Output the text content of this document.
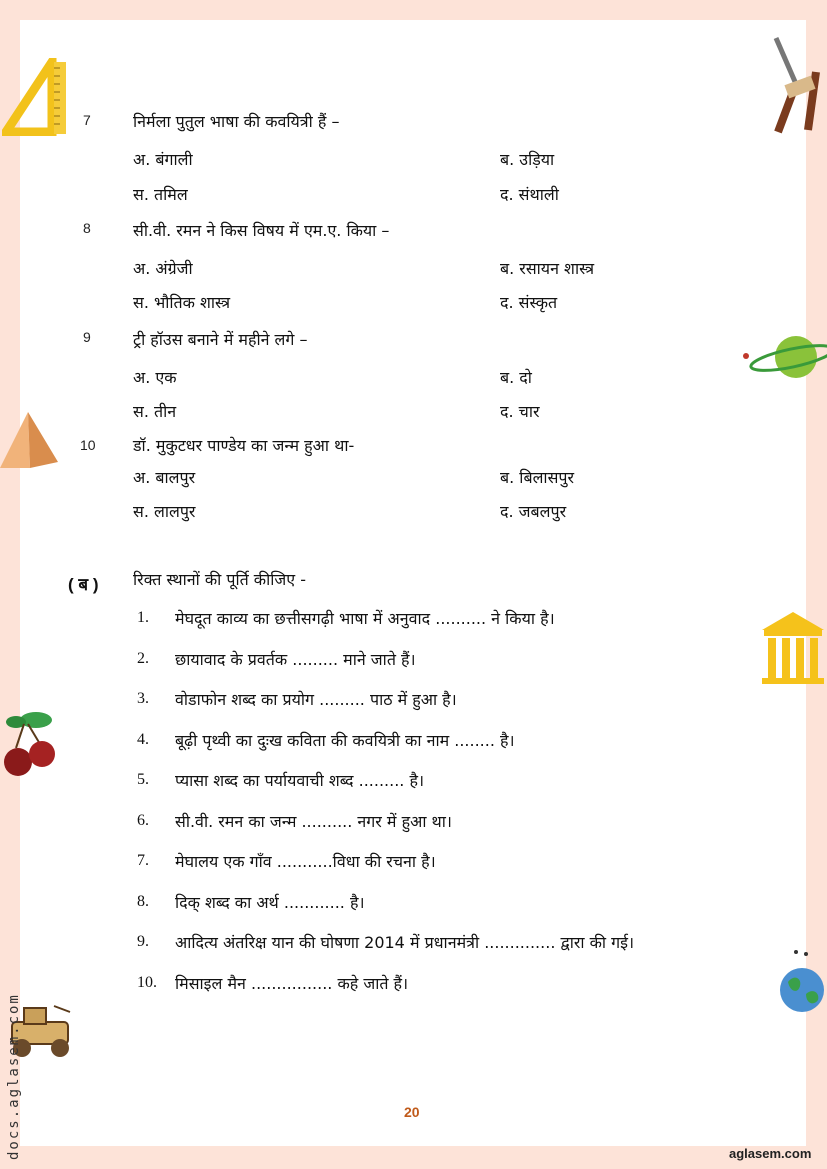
docs.aglasem.com
7	निर्मला पुतुल भाषा की कवयित्री हैं –
अ. बंगाली	ब. उड़िया
स. तमिल	द. संथाली
8	सी.वी. रमन ने किस विषय में एम.ए. किया –
अ. अंग्रेजी	ब. रसायन शास्त्र
स. भौतिक शास्त्र	द. संस्कृत
9	ट्री हॉउस बनाने में महीने लगे –
अ. एक	ब. दो
स. तीन	द. चार
10 डॉ. मुकुटधर पाण्डेय का जन्म हुआ था-
अ. बालपुर	ब. बिलासपुर
स. लालपुर	द. जबलपुर
( ब ) रिक्त स्थानों की पूर्ति कीजिए -
1. मेघदूत काव्य का छत्तीसगढ़ी भाषा में अनुवाद .......... ने किया है।
2. छायावाद के प्रवर्तक ......... माने जाते हैं।
3. वोडाफोन शब्द का प्रयोग ......... पाठ में हुआ है।
4. बूढ़ी पृथ्वी का दुःख कविता की कवयित्री का नाम ........ है।
5. प्यासा शब्द का पर्यायवाची शब्द ......... है।
6. सी.वी. रमन का जन्म .......... नगर में हुआ था।
7. मेघालय एक गाँव ...........विधा की रचना है।
8. दिक् शब्द का अर्थ ............ है।
9. आदित्य अंतरिक्ष यान की घोषणा 2014 में प्रधानमंत्री .............. द्वारा की गई।
10. मिसाइल मैन ................ कहे जाते हैं।
20
aglasem.com
